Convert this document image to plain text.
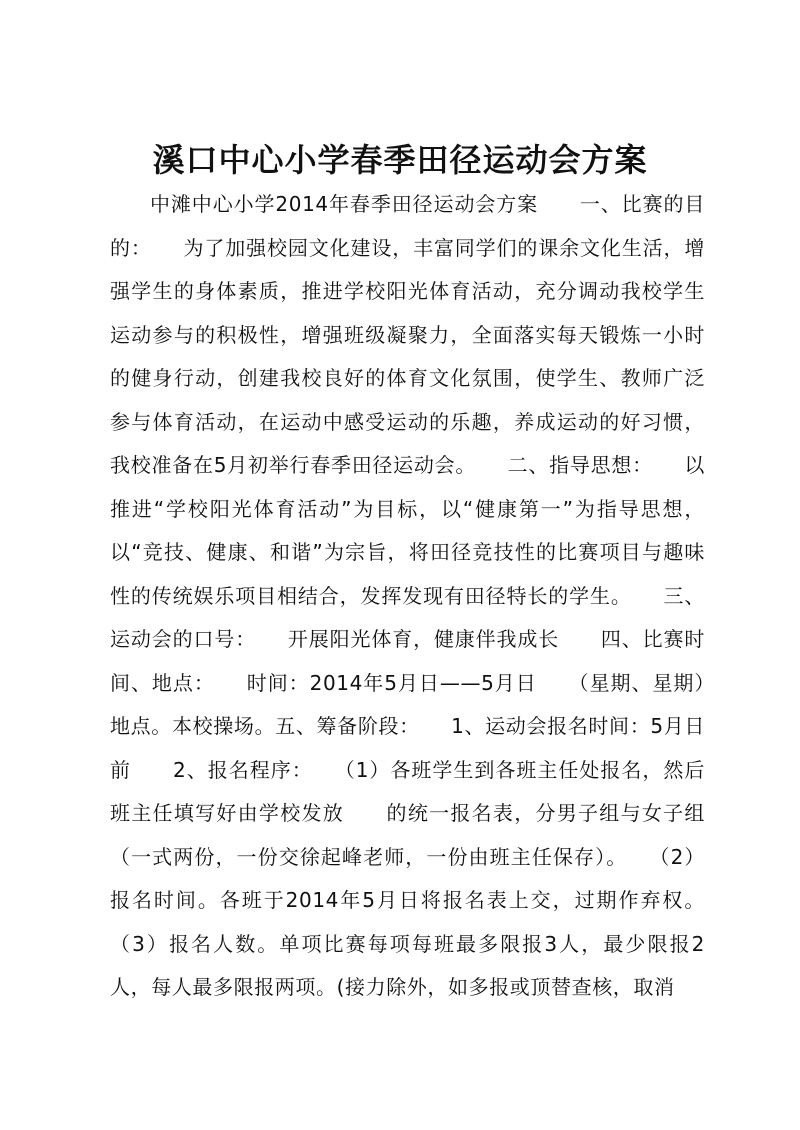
溪口中心小学春季田径运动会方案

中滩中心小学2014年春季田径运动会方案　　一、比赛的目的：　　为了加强校园文化建设，丰富同学们的课余文化生活，增强学生的身体素质，推进学校阳光体育活动，充分调动我校学生运动参与的积极性，增强班级凝聚力，全面落实每天锻炼一小时的健身行动，创建我校良好的体育文化氛围，使学生、教师广泛参与体育活动，在运动中感受运动的乐趣，养成运动的好习惯，我校准备在5月初举行春季田径运动会。　　二、指导思想：　　以推进“学校阳光体育活动”为目标，以“健康第一”为指导思想，以“竞技、健康、和谐”为宗旨，将田径竞技性的比赛项目与趣味性的传统娱乐项目相结合，发挥发现有田径特长的学生。　　三、运动会的口号：　　开展阳光体育，健康伴我成长　　四、比赛时间、地点：　　时间：2014年5月日——5月日　　（星期、星期）　　地点。本校操场。五、筹备阶段：　　1、运动会报名时间：5月日前　　2、报名程序：　　（1）各班学生到各班主任处报名，然后班主任填写好由学校发放　　的统一报名表，分男子组与女子组（一式两份，一份交徐起峰老师，一份由班主任保存）。　　（2）报名时间。各班于2014年5月日将报名表上交，过期作弃权。（3）报名人数。单项比赛每项每班最多限报3人，最少限报2人，每人最多限报两项。(接力除外，如多报或顶替查核，取消
